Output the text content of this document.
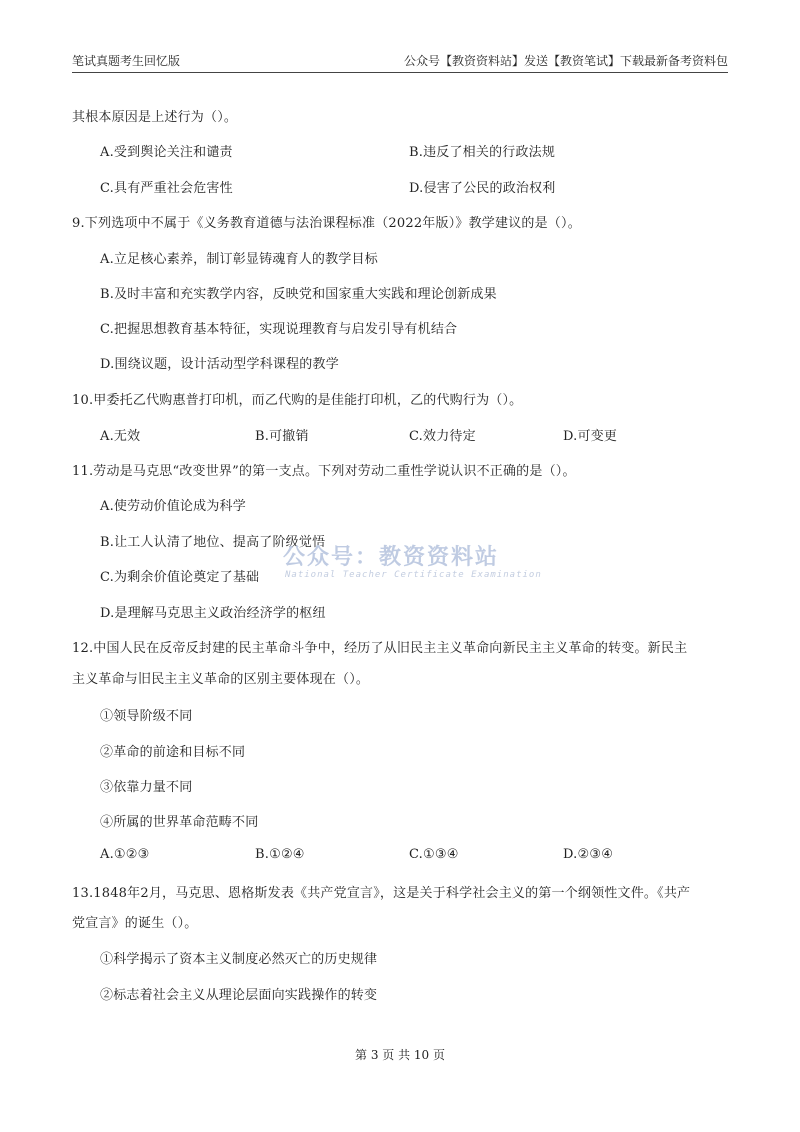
笔试真题考生回忆版	公众号【教资资料站】发送【教资笔试】下载最新备考资料包
其根本原因是上述行为（）。
A.受到舆论关注和谴责	B.违反了相关的行政法规
C.具有严重社会危害性	D.侵害了公民的政治权利
9.下列选项中不属于《义务教育道德与法治课程标准（2022年版）》教学建议的是（）。
A.立足核心素养，制订彰显铸魂育人的教学目标
B.及时丰富和充实教学内容，反映党和国家重大实践和理论创新成果
C.把握思想教育基本特征，实现说理教育与启发引导有机结合
D.围绕议题，设计活动型学科课程的教学
10.甲委托乙代购惠普打印机，而乙代购的是佳能打印机，乙的代购行为（）。
A.无效	B.可撤销	C.效力待定	D.可变更
11.劳动是马克思“改变世界”的第一支点。下列对劳动二重性学说认识不正确的是（）。
A.使劳动价值论成为科学
B.让工人认清了地位、提高了阶级觉悟
C.为剩余价值论奠定了基础
D.是理解马克思主义政治经济学的枢纽
12.中国人民在反帝反封建的民主革命斗争中，经历了从旧民主主义革命向新民主主义革命的转变。新民主
主义革命与旧民主主义革命的区别主要体现在（）。
①领导阶级不同
②革命的前途和目标不同
③依靠力量不同
④所属的世界革命范畴不同
A.①②③	B.①②④	C.①③④	D.②③④
13.1848年2月，马克思、恩格斯发表《共产党宣言》，这是关于科学社会主义的第一个纲领性文件。《共产
党宣言》的诞生（）。
①科学揭示了资本主义制度必然灭亡的历史规律
②标志着社会主义从理论层面向实践操作的转变
公众号：教资资料站
National Teacher Certificate Examination
第 3 页 共 10 页
